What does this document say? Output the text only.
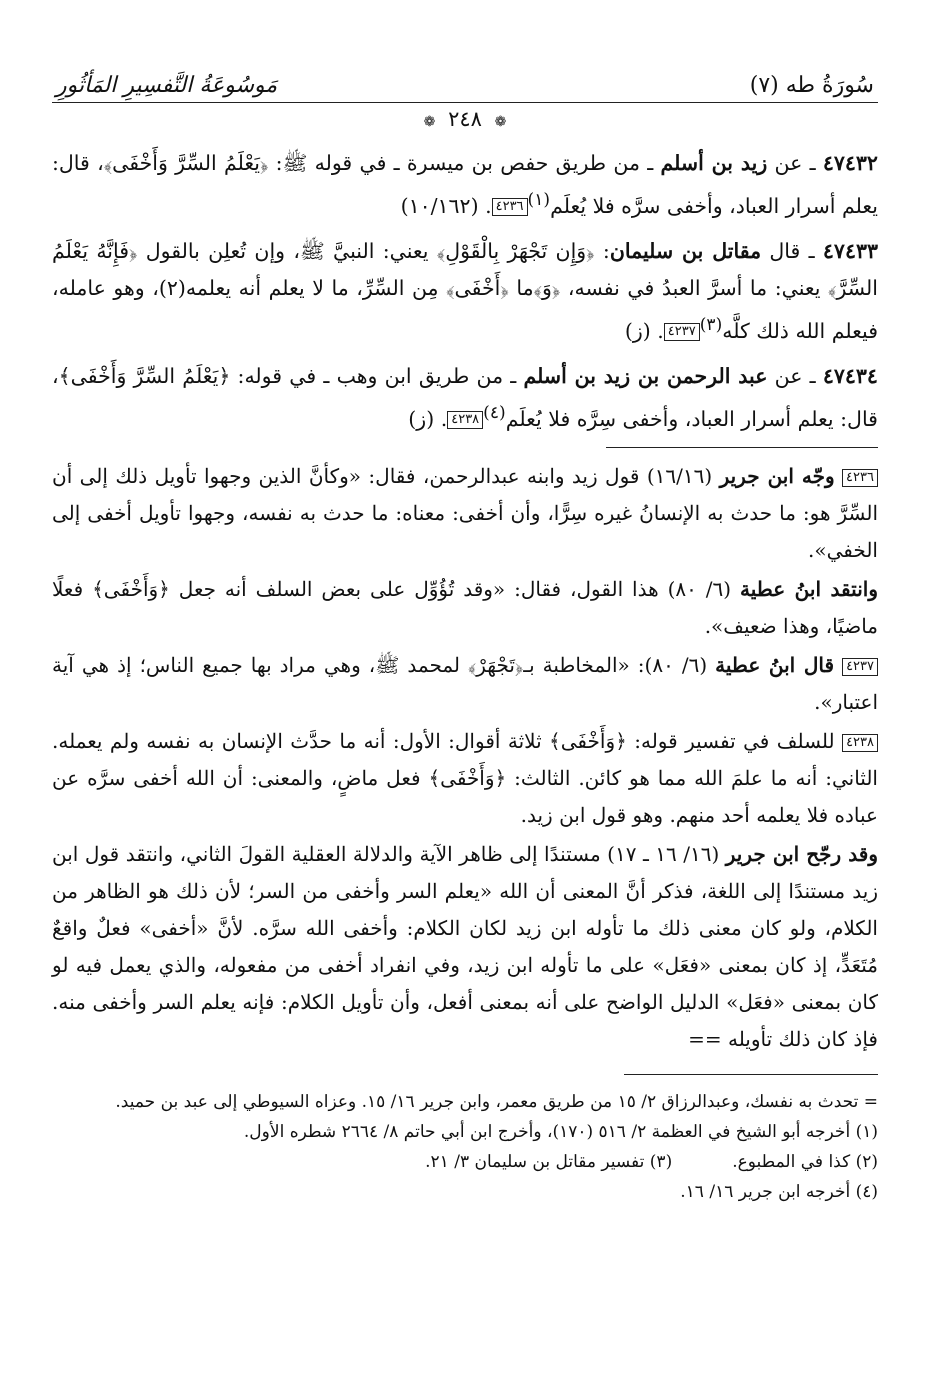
سُورَةُ طه (٧)
مَوسُوعَةُ التَّفسِيرِ المَأثُورِ
❁ ٢٤٨ ❁
٤٧٤٣٢ ـ عن زيد بن أسلم ـ من طريق حفص بن ميسرة ـ في قوله ﷺ: ﴿يَعْلَمُ السِّرَّ وَأَخْفَى﴾، قال: يعلم أسرار العباد، وأخفى سرَّه فلا يُعلَم$^{(١)}$٤٢٣٦. (١٠/١٦٢)
٤٧٤٣٣ ـ قال مقاتل بن سليمان: ﴿وَإِن تَجْهَرْ بِالْقَوْلِ﴾ يعني: النبيَّ ﷺ، وإن تُعلِن بالقول ﴿فَإِنَّهُ يَعْلَمُ السِّرَّ﴾ يعني: ما أسرَّ العبدُ في نفسه، ﴿وَ﴾ما ﴿أَخْفَى﴾ مِن السِّرِّ، ما لا يعلم أنه يعلمه(٢)، وهو عامله، فيعلم الله ذلك كلَّه$^{(٣)}$٤٢٣٧. (ز)
٤٧٤٣٤ ـ عن عبد الرحمن بن زيد بن أسلم ـ من طريق ابن وهب ـ في قوله: ﴿يَعْلَمُ السِّرَّ وَأَخْفَى﴾، قال: يعلم أسرار العباد، وأخفى سِرَّه فلا يُعلَم$^{(٤)}$٤٢٣٨. (ز)
٤٢٣٦ وجّه ابن جرير (١٦/١٦) قول زيد وابنه عبدالرحمن، فقال: «وكأنَّ الذين وجهوا تأويل ذلك إلى أن السِّرَّ هو: ما حدث به الإنسانُ غيره سِرًّا، وأن أخفى: معناه: ما حدث به نفسه، وجهوا تأويل أخفى إلى الخفي».
وانتقد ابنُ عطية (٦/ ٨٠) هذا القول، فقال: «وقد تُؤُوِّل على بعض السلف أنه جعل ﴿وَأَخْفَى﴾ فعلًا ماضيًا، وهذا ضعيف».
٤٢٣٧ قال ابنُ عطية (٦/ ٨٠): «المخاطبة بـ﴿تَجْهَرْ﴾ لمحمد ﷺ، وهي مراد بها جميع الناس؛ إذ هي آية اعتبار».
٤٢٣٨ للسلف في تفسير قوله: ﴿وَأَخْفَى﴾ ثلاثة أقوال: الأول: أنه ما حدَّث الإنسان به نفسه ولم يعمله. الثاني: أنه ما علمَ الله مما هو كائن. الثالث: ﴿وَأَخْفَى﴾ فعل ماضٍ، والمعنى: أن الله أخفى سرَّه عن عباده فلا يعلمه أحد منهم. وهو قول ابن زيد.
وقد رجّح ابن جرير (١٦/ ١٦ ـ ١٧) مستندًا إلى ظاهر الآية والدلالة العقلية القولَ الثاني، وانتقد قول ابن زيد مستندًا إلى اللغة، فذكر أنَّ المعنى أن الله «يعلم السر وأخفى من السر؛ لأن ذلك هو الظاهر من الكلام، ولو كان معنى ذلك ما تأوله ابن زيد لكان الكلام: وأخفى الله سرَّه. لأنَّ «أخفى» فعلٌ واقعٌ مُتَعَدٍّ، إذ كان بمعنى «فعَل» على ما تأوله ابن زيد، وفي انفراد أخفى من مفعوله، والذي يعمل فيه لو كان بمعنى «فعَل» الدليل الواضح على أنه بمعنى أفعل، وأن تأويل الكلام: فإنه يعلم السر وأخفى منه. فإذ كان ذلك تأويله ==
= تحدث به نفسك، وعبدالرزاق ٢/ ١٥ من طريق معمر، وابن جرير ١٦/ ١٥. وعزاه السيوطي إلى عبد بن حميد.
(١) أخرجه أبو الشيخ في العظمة ٢/ ٥١٦ (١٧٠)، وأخرج ابن أبي حاتم ٨/ ٢٦٦٤ شطره الأول.
(٢) كذا في المطبوع.
(٣) تفسير مقاتل بن سليمان ٣/ ٢١.
(٤) أخرجه ابن جرير ١٦/ ١٦.
